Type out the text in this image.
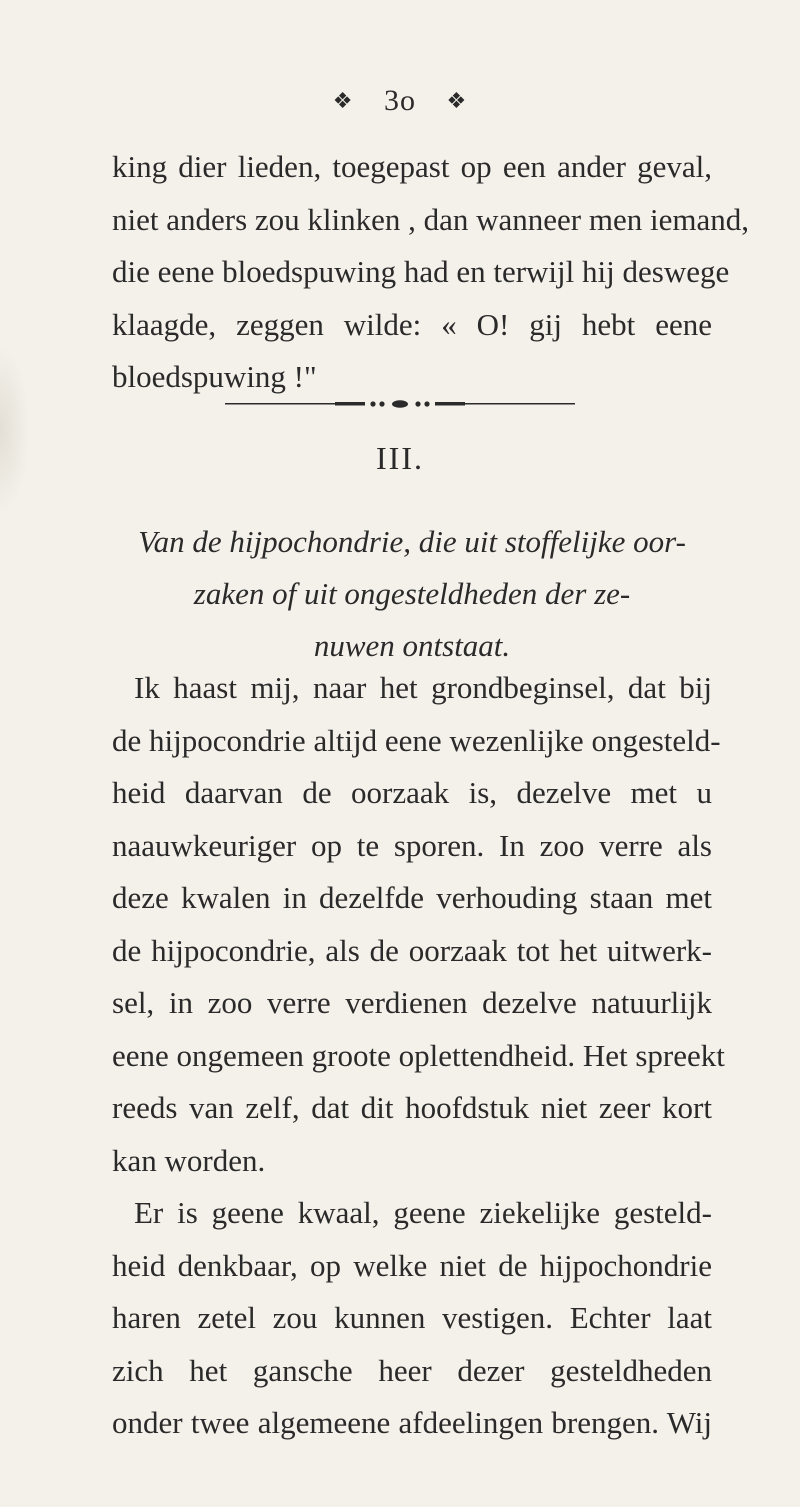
❖ 3o ❖
king dier lieden, toegepast op een ander geval,
niet anders zou klinken , dan wanneer men iemand,
die eene bloedspuwing had en terwijl hij deswege
klaagde, zeggen wilde: « O! gij hebt eene
bloedspuwing !"
III.
Van de hijpochondrie, die uit stoffelijke oor-
zaken of uit ongesteldheden der ze-
nuwen ontstaat.
Ik haast mij, naar het grondbeginsel, dat bij
de hijpocondrie altijd eene wezenlijke ongesteld-
heid daarvan de oorzaak is, dezelve met u
naauwkeuriger op te sporen. In zoo verre als
deze kwalen in dezelfde verhouding staan met
de hijpocondrie, als de oorzaak tot het uitwerk-
sel, in zoo verre verdienen dezelve natuurlijk
eene ongemeen groote oplettendheid. Het spreekt
reeds van zelf, dat dit hoofdstuk niet zeer kort
kan worden.
Er is geene kwaal, geene ziekelijke gesteld-
heid denkbaar, op welke niet de hijpochondrie
haren zetel zou kunnen vestigen. Echter laat
zich het gansche heer dezer gesteldheden
onder twee algemeene afdeelingen brengen. Wij
